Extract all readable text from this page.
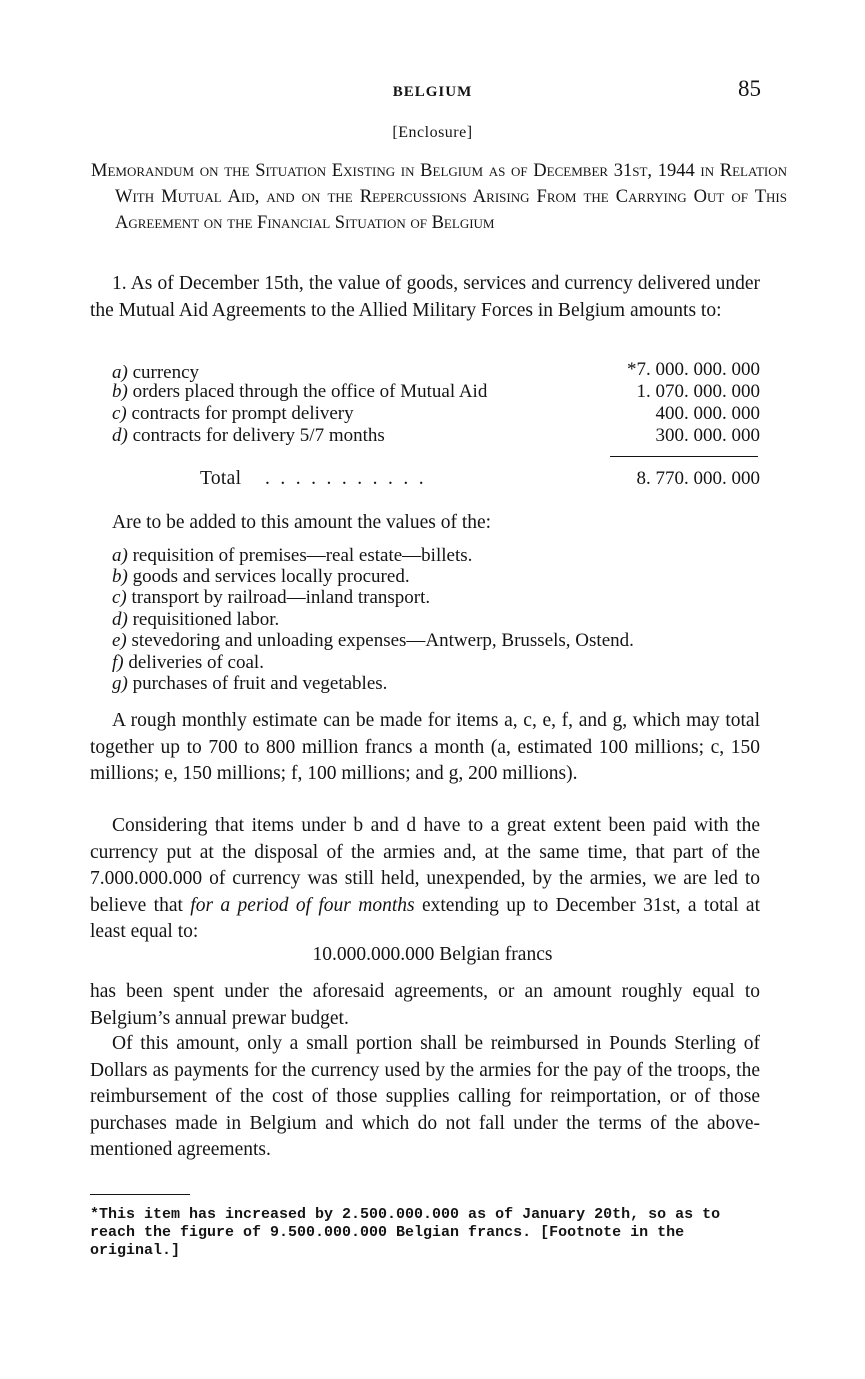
BELGIUM	85
[Enclosure]
Memorandum on the Situation Existing in Belgium as of December 31st, 1944 in Relation With Mutual Aid, and on the Repercussions Arising From the Carrying Out of This Agreement on the Financial Situation of Belgium
1. As of December 15th, the value of goods, services and currency delivered under the Mutual Aid Agreements to the Allied Military Forces in Belgium amounts to:
a) currency	*7. 000. 000. 000
b) orders placed through the office of Mutual Aid	1. 070. 000. 000
c) contracts for prompt delivery	400. 000. 000
d) contracts for delivery 5/7 months	300. 000. 000
Total ...........	8. 770. 000. 000
Are to be added to this amount the values of the:
a) requisition of premises—real estate—billets.
b) goods and services locally procured.
c) transport by railroad—inland transport.
d) requisitioned labor.
e) stevedoring and unloading expenses—Antwerp, Brussels, Ostend.
f) deliveries of coal.
g) purchases of fruit and vegetables.
A rough monthly estimate can be made for items a, c, e, f, and g, which may total together up to 700 to 800 million francs a month (a, estimated 100 millions; c, 150 millions; e, 150 millions; f, 100 millions; and g, 200 millions).
Considering that items under b and d have to a great extent been paid with the currency put at the disposal of the armies and, at the same time, that part of the 7.000.000.000 of currency was still held, unexpended, by the armies, we are led to believe that for a period of four months extending up to December 31st, a total at least equal to:
10.000.000.000 Belgian francs
has been spent under the aforesaid agreements, or an amount roughly equal to Belgium’s annual prewar budget.
Of this amount, only a small portion shall be reimbursed in Pounds Sterling of Dollars as payments for the currency used by the armies for the pay of the troops, the reimbursement of the cost of those supplies calling for reimportation, or of those purchases made in Belgium and which do not fall under the terms of the above-mentioned agreements.
*This item has increased by 2.500.000.000 as of January 20th, so as to reach the figure of 9.500.000.000 Belgian francs. [Footnote in the original.]
